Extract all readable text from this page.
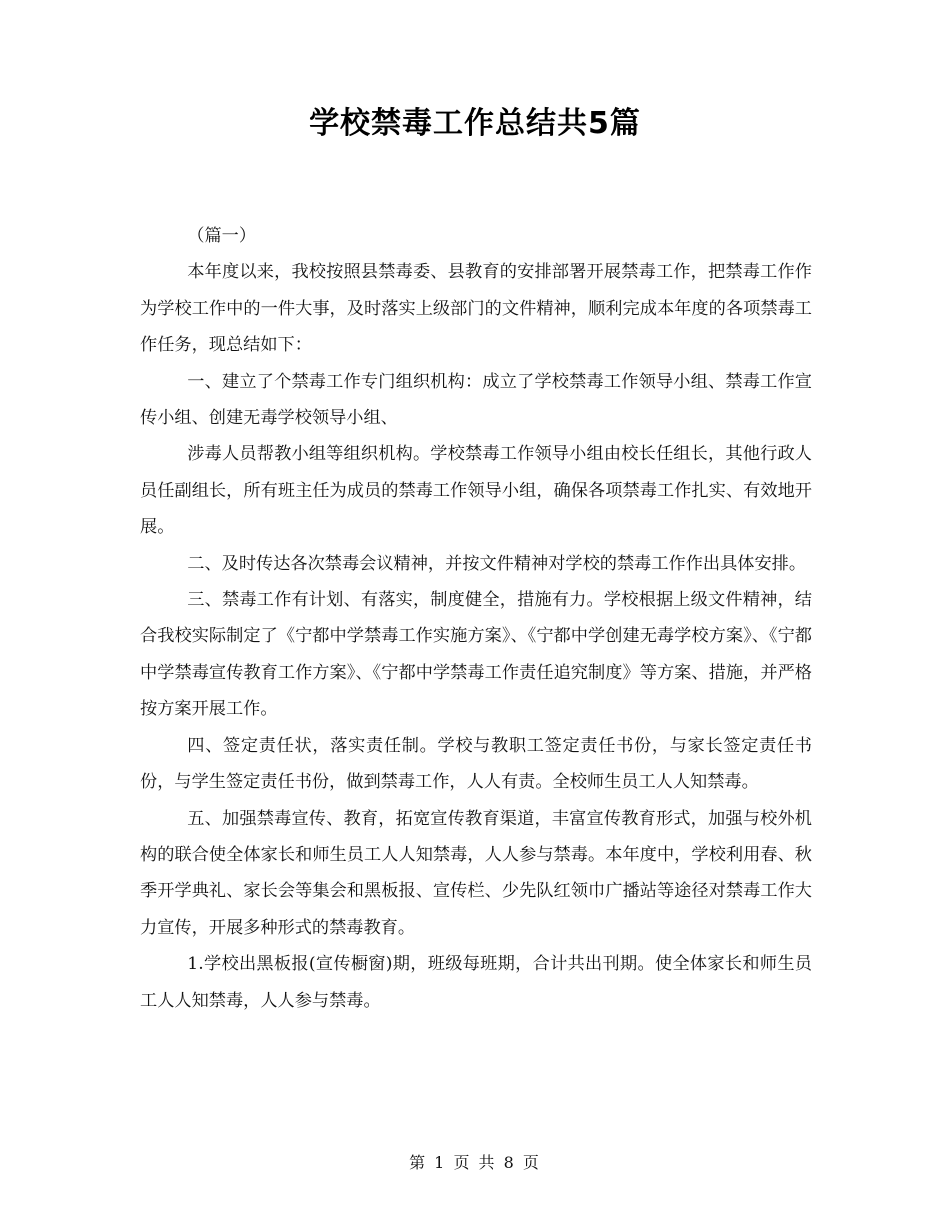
学校禁毒工作总结共5篇

（篇一）

本年度以来，我校按照县禁毒委、县教育的安排部署开展禁毒工作，把禁毒工作作为学校工作中的一件大事，及时落实上级部门的文件精神，顺利完成本年度的各项禁毒工作任务，现总结如下：

一、建立了个禁毒工作专门组织机构：成立了学校禁毒工作领导小组、禁毒工作宣传小组、创建无毒学校领导小组、

涉毒人员帮教小组等组织机构。学校禁毒工作领导小组由校长任组长，其他行政人员任副组长，所有班主任为成员的禁毒工作领导小组，确保各项禁毒工作扎实、有效地开展。

二、及时传达各次禁毒会议精神，并按文件精神对学校的禁毒工作作出具体安排。

三、禁毒工作有计划、有落实，制度健全，措施有力。学校根据上级文件精神，结合我校实际制定了《宁都中学禁毒工作实施方案》、《宁都中学创建无毒学校方案》、《宁都中学禁毒宣传教育工作方案》、《宁都中学禁毒工作责任追究制度》等方案、措施，并严格按方案开展工作。

四、签定责任状，落实责任制。学校与教职工签定责任书份，与家长签定责任书份，与学生签定责任书份，做到禁毒工作，人人有责。全校师生员工人人知禁毒。

五、加强禁毒宣传、教育，拓宽宣传教育渠道，丰富宣传教育形式，加强与校外机构的联合使全体家长和师生员工人人知禁毒，人人参与禁毒。本年度中，学校利用春、秋季开学典礼、家长会等集会和黑板报、宣传栏、少先队红领巾广播站等途径对禁毒工作大力宣传，开展多种形式的禁毒教育。

1.学校出黑板报(宣传橱窗)期，班级每班期，合计共出刊期。使全体家长和师生员工人人知禁毒，人人参与禁毒。

第 1 页 共 8 页
